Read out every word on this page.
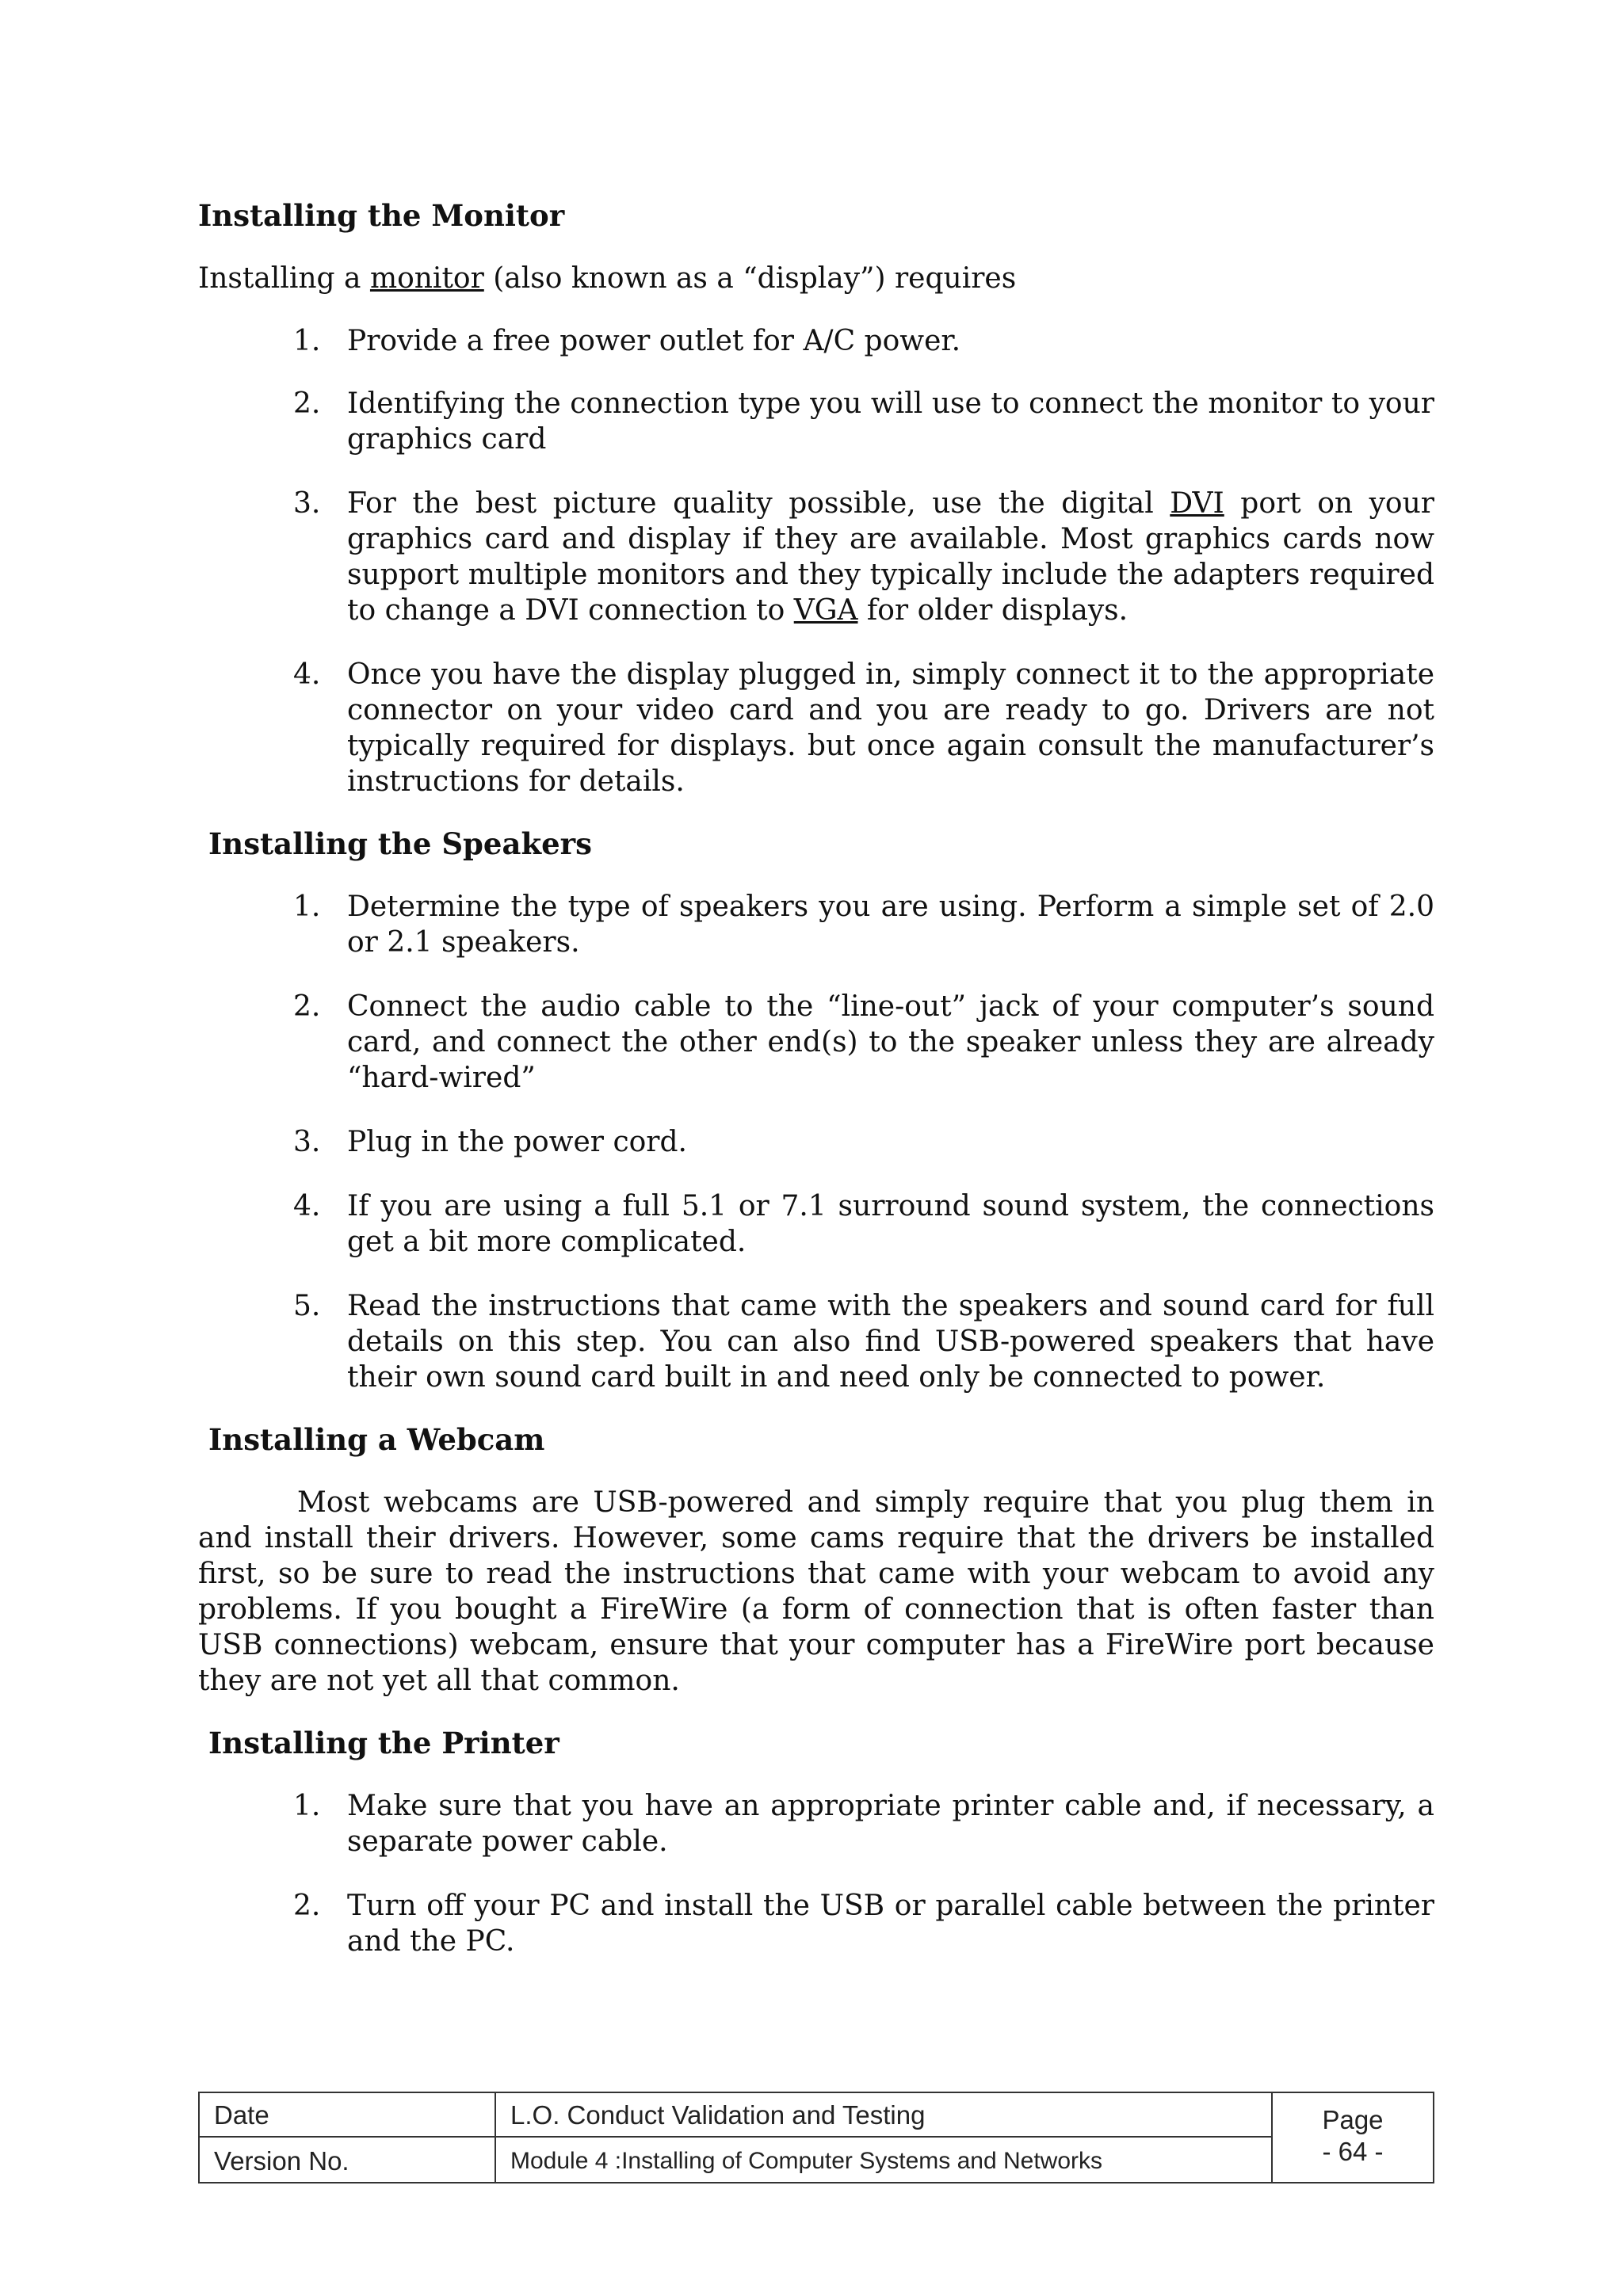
Installing the Monitor

Installing a monitor (also known as a “display”) requires

1. Provide a free power outlet for A/C power.
2. Identifying the connection type you will use to connect the monitor to your graphics card
3. For the best picture quality possible, use the digital DVI port on your graphics card and display if they are available. Most graphics cards now support multiple monitors and they typically include the adapters required to change a DVI connection to VGA for older displays.
4. Once you have the display plugged in, simply connect it to the appropriate connector on your video card and you are ready to go. Drivers are not typically required for displays. but once again consult the manufacturer’s instructions for details.
Installing the Speakers
1. Determine the type of speakers you are using. Perform a simple set of 2.0 or 2.1 speakers.
2. Connect the audio cable to the “line-out” jack of your computer’s sound card, and connect the other end(s) to the speaker unless they are already “hard-wired”
3. Plug in the power cord.
4. If you are using a full 5.1 or 7.1 surround sound system, the connections get a bit more complicated.
5. Read the instructions that came with the speakers and sound card for full details on this step. You can also find USB-powered speakers that have their own sound card built in and need only be connected to power.
Installing a Webcam

Most webcams are USB-powered and simply require that you plug them in and install their drivers. However, some cams require that the drivers be installed first, so be sure to read the instructions that came with your webcam to avoid any problems. If you bought a FireWire (a form of connection that is often faster than USB connections) webcam, ensure that your computer has a FireWire port because they are not yet all that common.

Installing the Printer
1. Make sure that you have an appropriate printer cable and, if necessary, a separate power cable.
2. Turn off your PC and install the USB or parallel cable between the printer and the PC.
Date
Version No.
L.O. Conduct Validation and Testing
Module 4 :Installing of Computer Systems and Networks
Page
- 64 -
